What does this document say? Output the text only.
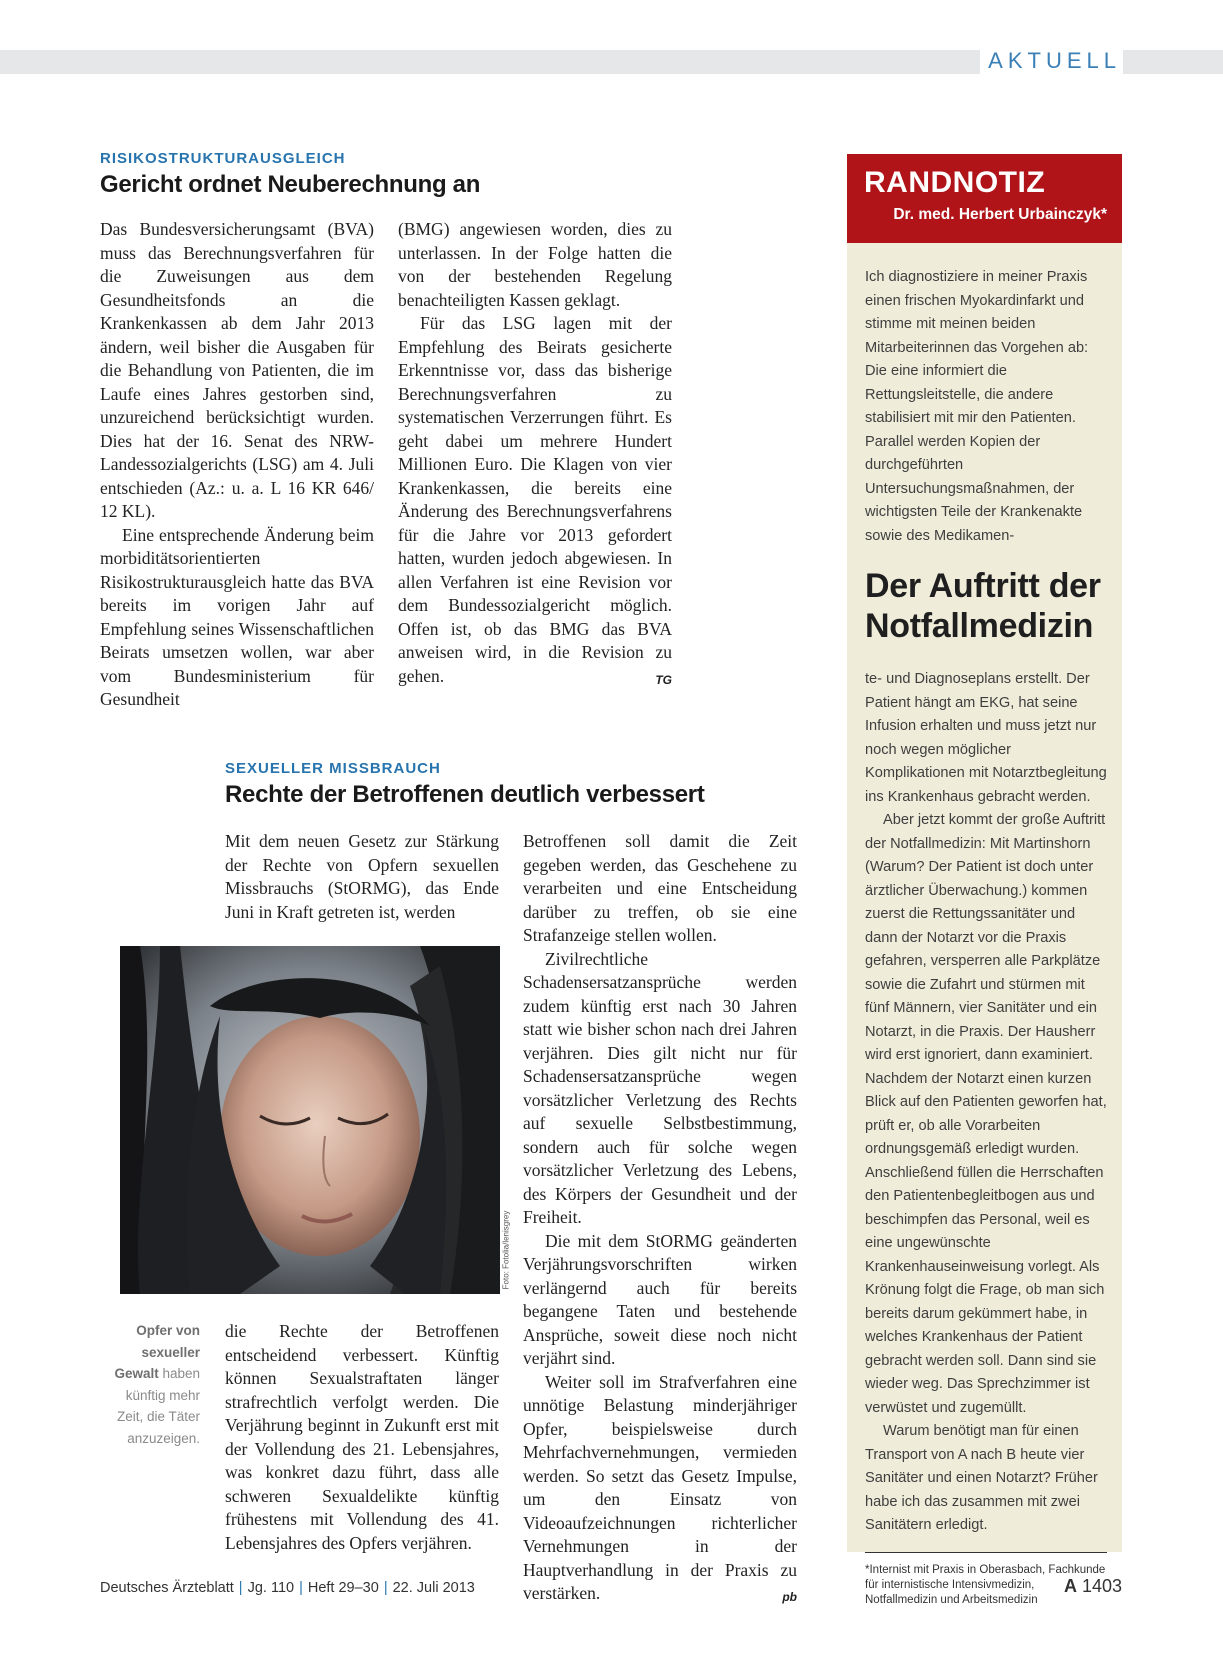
AKTUELL

RISIKOSTRUKTURAUSGLEICH

Gericht ordnet Neuberechnung an

Das Bundesversicherungsamt (BVA) muss das Berechnungsverfahren für die Zuweisungen aus dem Gesundheitsfonds an die Krankenkassen ab dem Jahr 2013 ändern, weil bisher die Ausgaben für die Behandlung von Patienten, die im Laufe eines Jahres gestorben sind, unzureichend berücksichtigt wurden. Dies hat der 16. Senat des NRW-Landessozialgerichts (LSG) am 4. Juli entschieden (Az.: u. a. L 16 KR 646/ 12 KL).

Eine entsprechende Änderung beim morbiditätsorientierten Risikostrukturausgleich hatte das BVA bereits im vorigen Jahr auf Empfehlung seines Wissenschaftlichen Beirats umsetzen wollen, war aber vom Bundesministerium für Gesundheit

(BMG) angewiesen worden, dies zu unterlassen. In der Folge hatten die von der bestehenden Regelung benachteiligten Kassen geklagt.

Für das LSG lagen mit der Empfehlung des Beirats gesicherte Erkenntnisse vor, dass das bisherige Berechnungsverfahren zu systematischen Verzerrungen führt. Es geht dabei um mehrere Hundert Millionen Euro. Die Klagen von vier Krankenkassen, die bereits eine Änderung des Berechnungsverfahrens für die Jahre vor 2013 gefordert hatten, wurden jedoch abgewiesen. In allen Verfahren ist eine Revision vor dem Bundessozialgericht möglich. Offen ist, ob das BMG das BVA anweisen wird, in die Revision zu gehen.	TG

SEXUELLER MISSBRAUCH

Rechte der Betroffenen deutlich verbessert

Mit dem neuen Gesetz zur Stärkung der Rechte von Opfern sexuellen Missbrauchs (StORMG), das Ende Juni in Kraft getreten ist, werden

Foto: Fotolia/lenisgrey
Opfer von sexueller Gewalt haben künftig mehr Zeit, die Täter anzuzeigen.

die Rechte der Betroffenen entscheidend verbessert. Künftig können Sexualstraftaten länger strafrechtlich verfolgt werden. Die Verjährung beginnt in Zukunft erst mit der Vollendung des 21. Lebensjahres, was konkret dazu führt, dass alle schweren Sexualdelikte künftig frühestens mit Vollendung des 41. Lebensjahres des Opfers verjähren.

Betroffenen soll damit die Zeit gegeben werden, das Geschehene zu verarbeiten und eine Entscheidung darüber zu treffen, ob sie eine Strafanzeige stellen wollen.

Zivilrechtliche Schadensersatzansprüche werden zudem künftig erst nach 30 Jahren statt wie bisher schon nach drei Jahren verjähren. Dies gilt nicht nur für Schadensersatzansprüche wegen vorsätzlicher Verletzung des Rechts auf sexuelle Selbstbestimmung, sondern auch für solche wegen vorsätzlicher Verletzung des Lebens, des Körpers der Gesundheit und der Freiheit.

Die mit dem StORMG geänderten Verjährungsvorschriften wirken verlängernd auch für bereits begangene Taten und bestehende Ansprüche, soweit diese noch nicht verjährt sind.

Weiter soll im Strafverfahren eine unnötige Belastung minderjähriger Opfer, beispielsweise durch Mehrfachvernehmungen, vermieden werden. So setzt das Gesetz Impulse, um den Einsatz von Videoaufzeichnungen richterlicher Vernehmungen in der Hauptverhandlung in der Praxis zu verstärken.	pb

RANDNOTIZ
Dr. med. Herbert Urbainczyk*

Ich diagnostiziere in meiner Praxis einen frischen Myokardinfarkt und stimme mit meinen beiden Mitarbeiterinnen das Vorgehen ab: Die eine informiert die Rettungsleitstelle, die andere stabilisiert mit mir den Patienten. Parallel werden Kopien der durchgeführten Untersuchungsmaßnahmen, der wichtigsten Teile der Krankenakte sowie des Medikamen-

Der Auftritt der Notfallmedizin

te- und Diagnoseplans erstellt. Der Patient hängt am EKG, hat seine Infusion erhalten und muss jetzt nur noch wegen möglicher Komplikationen mit Notarztbegleitung ins Krankenhaus gebracht werden.

Aber jetzt kommt der große Auftritt der Notfallmedizin: Mit Martinshorn (Warum? Der Patient ist doch unter ärztlicher Überwachung.) kommen zuerst die Rettungssanitäter und dann der Notarzt vor die Praxis gefahren, versperren alle Parkplätze sowie die Zufahrt und stürmen mit fünf Männern, vier Sanitäter und ein Notarzt, in die Praxis. Der Hausherr wird erst ignoriert, dann examiniert. Nachdem der Notarzt einen kurzen Blick auf den Patienten geworfen hat, prüft er, ob alle Vorarbeiten ordnungsgemäß erledigt wurden. Anschließend füllen die Herrschaften den Patientenbegleitbogen aus und beschimpfen das Personal, weil es eine ungewünschte Krankenhauseinweisung vorlegt. Als Krönung folgt die Frage, ob man sich bereits darum gekümmert habe, in welches Krankenhaus der Patient gebracht werden soll. Dann sind sie wieder weg. Das Sprechzimmer ist verwüstet und zugemüllt.

Warum benötigt man für einen Transport von A nach B heute vier Sanitäter und einen Notarzt? Früher habe ich das zusammen mit zwei Sanitätern erledigt.

*Internist mit Praxis in Oberasbach, Fachkunde für internistische Intensivmedizin, Notfallmedizin und Arbeitsmedizin
Deutsches Ärzteblatt | Jg. 110 | Heft 29–30 | 22. Juli 2013	A 1403
